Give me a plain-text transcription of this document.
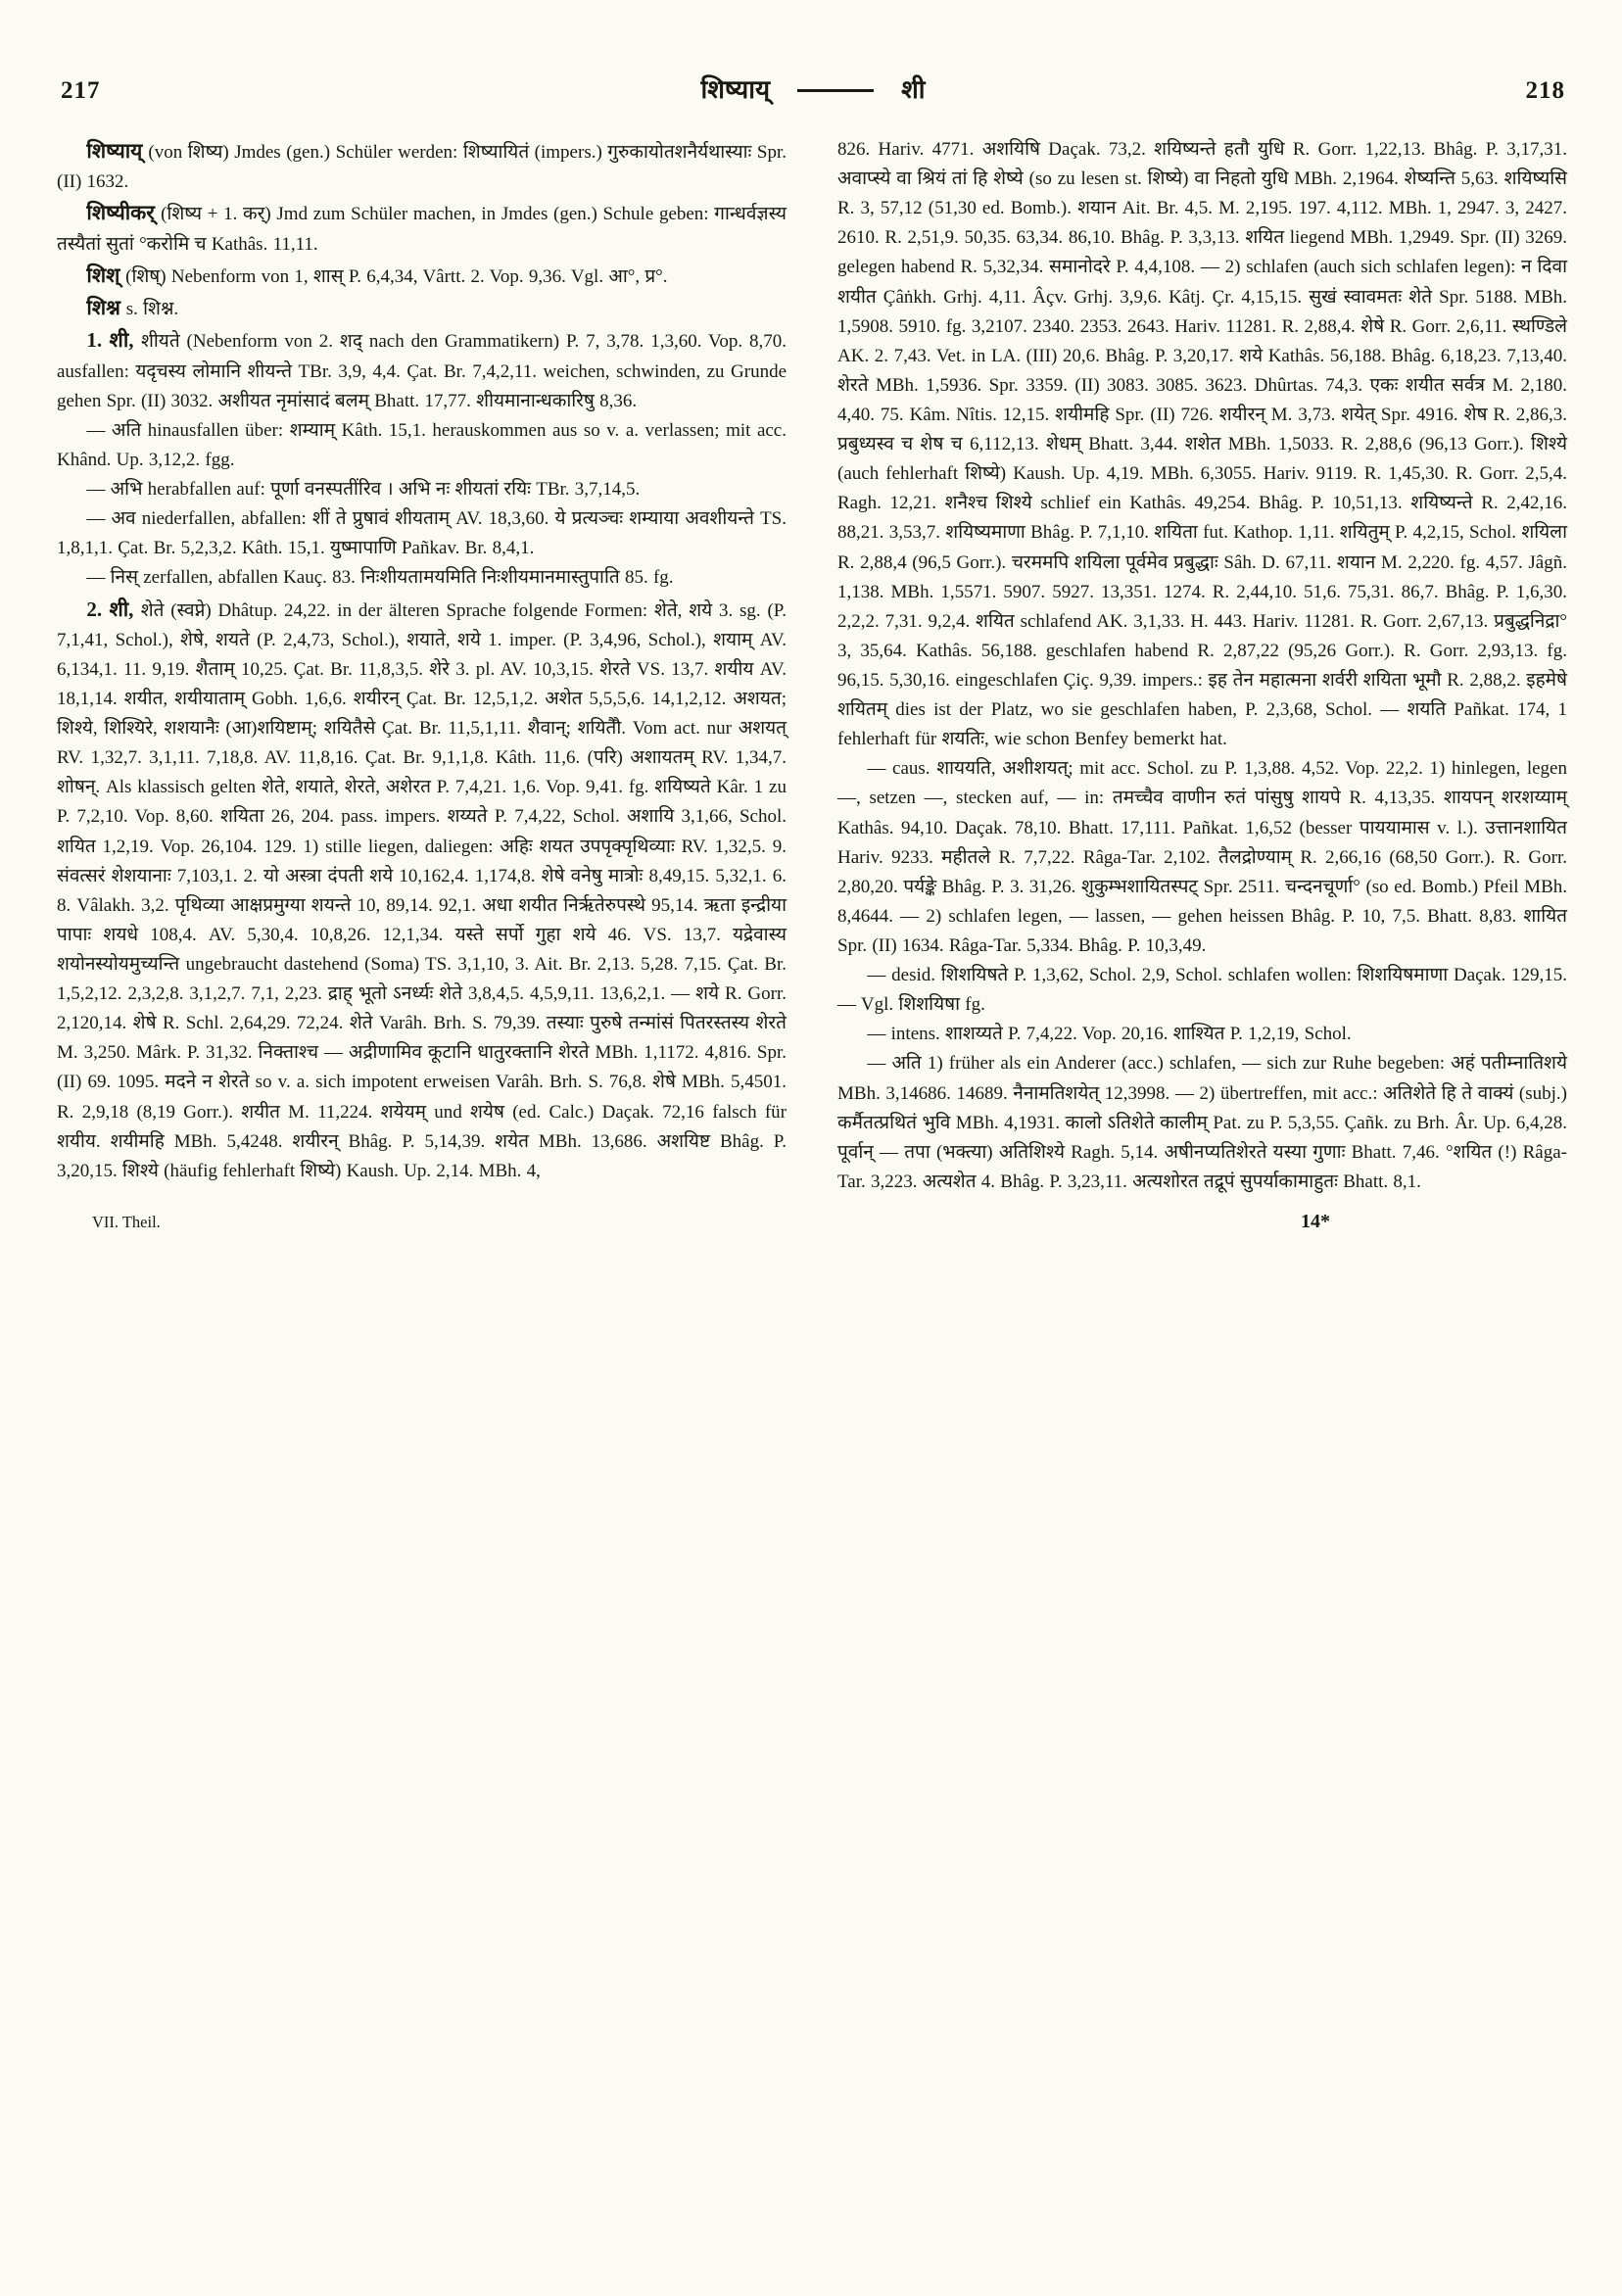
217	शिष्याय्	शी	218

शिष्याय् (von शिष्य) Jmdes (gen.) Schüler werden: शिष्यायितं (impers.) गुरुकायोतशनैर्यथास्याः Spr. (II) 1632.

शिष्यीकर् (शिष्य + 1. कर्) Jmd zum Schüler machen, in Jmdes (gen.) Schule geben: गान्धर्वज्ञस्य तस्यैतां सुतां °करोमि च Kathâs. 11,11.

शिश् (शिष्) Nebenform von 1, शास् P. 6,4,34, Vârtt. 2. Vop. 9,36. Vgl. आ°, प्र°.

शिश्न s. शिश्न.

1. शी, शीयते (Nebenform von 2. शद् nach den Grammatikern) P. 7, 3,78. 1,3,60. Vop. 8,70. ausfallen: यदृचस्य लोमानि शीयन्ते TBr. 3,9, 4,4. Çat. Br. 7,4,2,11. weichen, schwinden, zu Grunde gehen Spr. (II) 3032. अशीयत नृमांसादं बलम् Bhatt. 17,77. शीयमानान्धकारिषु 8,36.

— अति hinausfallen über: शम्याम् Kâth. 15,1. herauskommen aus so v. a. verlassen; mit acc. Khând. Up. 3,12,2. fgg.

— अभि herabfallen auf: पूर्णा वनस्पतींरिव । अभि नः शीयतां रयिः TBr. 3,7,14,5.

— अव niederfallen, abfallen: शीं ते प्रुषावं शीयताम् AV. 18,3,60. ये प्रत्यञ्चः शम्याया अवशीयन्ते TS. 1,8,1,1. Çat. Br. 5,2,3,2. Kâth. 15,1. युष्मापाणि Pañkav. Br. 8,4,1.

— निस् zerfallen, abfallen Kauç. 83. निःशीयतामयमिति निःशीयमानमास्तुपाति 85. fg.

2. शी, शेते (स्वप्ने) Dhâtup. 24,22. in der älteren Sprache folgende Formen: शेते, शये 3. sg. (P. 7,1,41, Schol.), शेषे, शयते (P. 2,4,73, Schol.), शयाते, शये 1. imper. (P. 3,4,96, Schol.), शयाम् AV. 6,134,1. 11. 9,19. शैताम् 10,25. Çat. Br. 11,8,3,5. शेरे 3. pl. AV. 10,3,15. शेरते VS. 13,7. शयीय AV. 18,1,14. शयीत, शयीयाताम् Gobh. 1,6,6. शयीरन् Çat. Br. 12,5,1,2. अशेत 5,5,5,6. 14,1,2,12. अशयत; शिश्ये, शिश्यिरे, शशयानैः (आ)शयिष्टाम्; शयितैसे Çat. Br. 11,5,1,11. शैवान्; शयितैौ. Vom act. nur अशयत् RV. 1,32,7. 3,1,11. 7,18,8. AV. 11,8,16. Çat. Br. 9,1,1,8. Kâth. 11,6. (परि) अशायतम् RV. 1,34,7. शोषन्. Als klassisch gelten शेते, शयाते, शेरते, अशेरत P. 7,4,21. 1,6. Vop. 9,41. fg. शयिष्यते Kâr. 1 zu P. 7,2,10. Vop. 8,60. शयिता 26, 204. pass. impers. शय्यते P. 7,4,22, Schol. अशायि 3,1,66, Schol. शयित 1,2,19. Vop. 26,104. 129. 1) stille liegen, daliegen: अहिः शयत उपपृक्पृथिव्याः RV. 1,32,5. 9. संवत्सरं शेशयानाः 7,103,1. 2. यो अस्त्रा दंपती शये 10,162,4. 1,174,8. शेषे वनेषु मात्रोः 8,49,15. 5,32,1. 6. 8. Vâlakh. 3,2. पृथिव्या आक्षप्रमुग्या शयन्ते 10, 89,14. 92,1. अधा शयीत निर्ऋतेरुपस्थे 95,14. ऋता इन्द्रीया पापाः शयधे 108,4. AV. 5,30,4. 10,8,26. 12,1,34. यस्ते सर्पो गुहा शये 46. VS. 13,7. यद्रेवास्य शयोनस्योयमुच्यन्ति ungebraucht dastehend (Soma) TS. 3,1,10, 3. Ait. Br. 2,13. 5,28. 7,15. Çat. Br. 1,5,2,12. 2,3,2,8. 3,1,2,7. 7,1, 2,23. द्राह् भूतो ऽनर्ध्यः शेते 3,8,4,5. 4,5,9,11. 13,6,2,1. — शये R. Gorr. 2,120,14. शेषे R. Schl. 2,64,29. 72,24. शेते Varâh. Brh. S. 79,39. तस्याः पुरुषे तन्मांसं पितरस्तस्य शेरते M. 3,250. Mârk. P. 31,32. निक्ताश्च — अद्रीणामिव कूटानि धातुरक्तानि शेरते MBh. 1,1172. 4,816. Spr. (II) 69. 1095. मदने न शेरते so v. a. sich impotent erweisen Varâh. Brh. S. 76,8. शेषे MBh. 5,4501. R. 2,9,18 (8,19 Gorr.). शयीत M. 11,224. शयेयम् und शयेष (ed. Calc.) Daçak. 72,16 falsch für शयीय. शयीमहि MBh. 5,4248. शयीरन् Bhâg. P. 5,14,39. शयेत MBh. 13,686. अशयिष्ट Bhâg. P. 3,20,15. शिश्ये (häufig fehlerhaft शिष्ये) Kaush. Up. 2,14. MBh. 4,

826. Hariv. 4771. अशयिषि Daçak. 73,2. शयिष्यन्ते हतौ युधि R. Gorr. 1,22,13. Bhâg. P. 3,17,31. अवाप्स्ये वा श्रियं तां हि शेष्ये (so zu lesen st. शिष्ये) वा निहतो युधि MBh. 2,1964. शेष्यन्ति 5,63. शयिष्यसि R. 3, 57,12 (51,30 ed. Bomb.). शयान Ait. Br. 4,5. M. 2,195. 197. 4,112. MBh. 1, 2947. 3, 2427. 2610. R. 2,51,9. 50,35. 63,34. 86,10. Bhâg. P. 3,3,13. शयित liegend MBh. 1,2949. Spr. (II) 3269. gelegen habend R. 5,32,34. समानोदरे P. 4,4,108. — 2) schlafen (auch sich schlafen legen): न दिवा शयीत Çâṅkh. Grhj. 4,11. Âçv. Grhj. 3,9,6. Kâtj. Çr. 4,15,15. सुखं स्वावमतः शेते Spr. 5188. MBh. 1,5908. 5910. fg. 3,2107. 2340. 2353. 2643. Hariv. 11281. R. 2,88,4. शेषे R. Gorr. 2,6,11. स्थण्डिले AK. 2. 7,43. Vet. in LA. (III) 20,6. Bhâg. P. 3,20,17. शये Kathâs. 56,188. Bhâg. 6,18,23. 7,13,40. शेरते MBh. 1,5936. Spr. 3359. (II) 3083. 3085. 3623. Dhûrtas. 74,3. एकः शयीत सर्वत्र M. 2,180. 4,40. 75. Kâm. Nîtis. 12,15. शयीमहि Spr. (II) 726. शयीरन् M. 3,73. शयेत् Spr. 4916. शेष R. 2,86,3. प्रबुध्यस्व च शेष च 6,112,13. शेधम् Bhatt. 3,44. शशेत MBh. 1,5033. R. 2,88,6 (96,13 Gorr.). शिश्ये (auch fehlerhaft शिष्ये) Kaush. Up. 4,19. MBh. 6,3055. Hariv. 9119. R. 1,45,30. R. Gorr. 2,5,4. Ragh. 12,21. शनैश्च शिश्ये schlief ein Kathâs. 49,254. Bhâg. P. 10,51,13. शयिष्यन्ते R. 2,42,16. 88,21. 3,53,7. शयिष्यमाणा Bhâg. P. 7,1,10. शयिता fut. Kathop. 1,11. शयितुम् P. 4,2,15, Schol. शयिला R. 2,88,4 (96,5 Gorr.). चरममपि शयिला पूर्वमेव प्रबुद्धाः Sâh. D. 67,11. शयान M. 2,220. fg. 4,57. Jâgñ. 1,138. MBh. 1,5571. 5907. 5927. 13,351. 1274. R. 2,44,10. 51,6. 75,31. 86,7. Bhâg. P. 1,6,30. 2,2,2. 7,31. 9,2,4. शयित schlafend AK. 3,1,33. H. 443. Hariv. 11281. R. Gorr. 2,67,13. प्रबुद्धनिद्रा° 3, 35,64. Kathâs. 56,188. geschlafen habend R. 2,87,22 (95,26 Gorr.). R. Gorr. 2,93,13. fg. 96,15. 5,30,16. eingeschlafen Çiç. 9,39. impers.: इह तेन महात्मना शर्वरी शयिता भूमौ R. 2,88,2. इहमेषे शयितम् dies ist der Platz, wo sie geschlafen haben, P. 2,3,68, Schol. — शयति Pañkat. 174, 1 fehlerhaft für शयतिः, wie schon Benfey bemerkt hat.

— caus. शाययति, अशीशयत्; mit acc. Schol. zu P. 1,3,88. 4,52. Vop. 22,2. 1) hinlegen, legen —, setzen —, stecken auf, — in: तमच्चैव वाणीन रुतं पांसुषु शायपे R. 4,13,35. शायपन् शरशय्याम् Kathâs. 94,10. Daçak. 78,10. Bhatt. 17,111. Pañkat. 1,6,52 (besser पाययामास v. l.). उत्तानशायित Hariv. 9233. महीतले R. 7,7,22. Râga-Tar. 2,102. तैलद्रोण्याम् R. 2,66,16 (68,50 Gorr.). R. Gorr. 2,80,20. पर्यङ्के Bhâg. P. 3. 31,26. शुकुम्भशायितस्पट् Spr. 2511. चन्दनचूर्णा° (so ed. Bomb.) Pfeil MBh. 8,4644. — 2) schlafen legen, — lassen, — gehen heissen Bhâg. P. 10, 7,5. Bhatt. 8,83. शायित Spr. (II) 1634. Râga-Tar. 5,334. Bhâg. P. 10,3,49.

— desid. शिशयिषते P. 1,3,62, Schol. 2,9, Schol. schlafen wollen: शिशयिषमाणा Daçak. 129,15. — Vgl. शिशयिषा fg.

— intens. शाशय्यते P. 7,4,22. Vop. 20,16. शाश्यित P. 1,2,19, Schol.

— अति 1) früher als ein Anderer (acc.) schlafen, — sich zur Ruhe begeben: अहं पतीम्नातिशये MBh. 3,14686. 14689. नैनामतिशयेत् 12,3998. — 2) übertreffen, mit acc.: अतिशेते हि ते वाक्यं (subj.) कर्मैतत्प्रथितं भुवि MBh. 4,1931. कालो ऽतिशेते कालीम् Pat. zu P. 5,3,55. Çañk. zu Brh. Âr. Up. 6,4,28. पूर्वान् — तपा (भक्त्या) अतिशिश्ये Ragh. 5,14. अषीनप्यतिशेरते यस्या गुणाः Bhatt. 7,46. °शयित (!) Râga-Tar. 3,223. अत्यशेत 4. Bhâg. P. 3,23,11. अत्यशोरत तद्रूपं सुपर्याकामाहुतः Bhatt. 8,1.

VII. Theil.	14*
